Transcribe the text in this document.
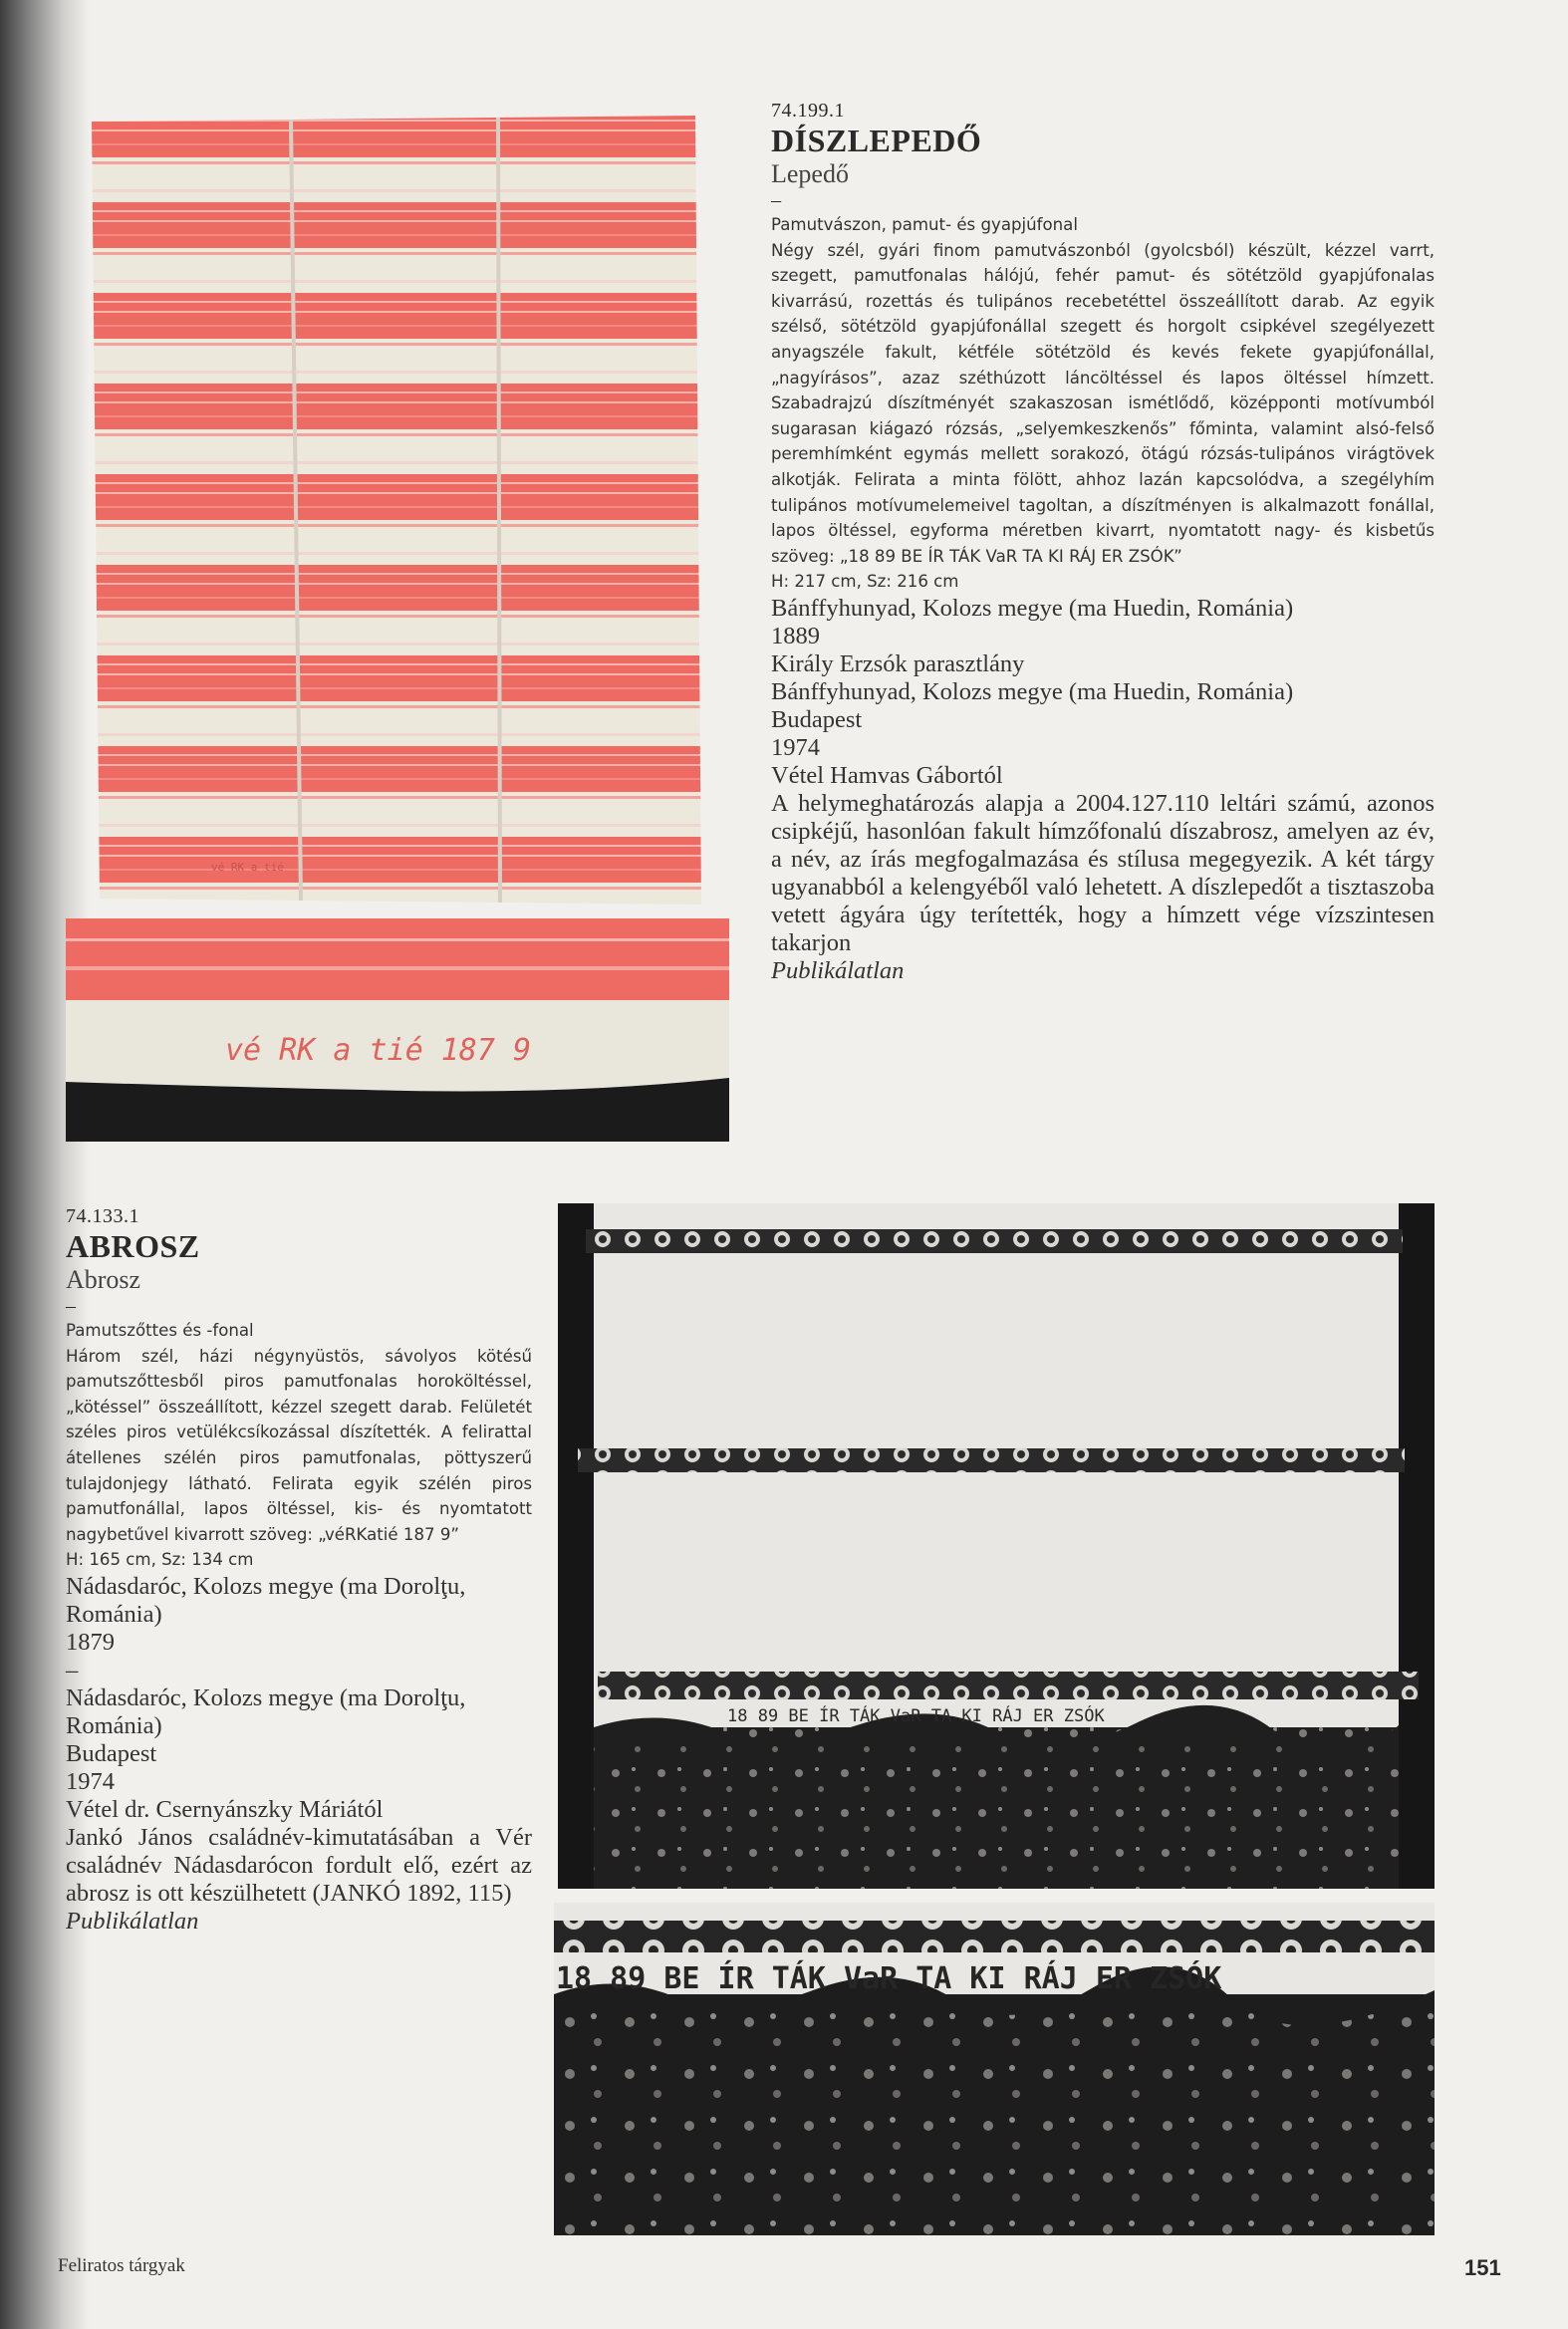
vé RK a tié
vé RK a tié 187 9
18 89 BE ÍR TÁK VaR TA KI RÁJ ER ZSÓK
18 89 BE ÍR TÁK VaR TA KI RÁJ ER ZSÓK
74.199.1
DÍSZLEPEDŐ
Lepedő
–
Pamutvászon, pamut- és gyapjúfonal
Négy szél, gyári finom pamutvászonból (gyolcsból) készült, kézzel varrt, szegett, pamutfonalas hálójú, fehér pamut- és sötétzöld gyapjúfonalas kivarrású, rozettás és tulipános recebetéttel összeállított darab. Az egyik szélső, sötétzöld gyapjúfonállal szegett és horgolt csipkével szegélyezett anyagszéle fakult, kétféle sötétzöld és kevés fekete gyapjúfonállal, „nagyírásos”, azaz széthúzott láncöltéssel és lapos öltéssel hímzett. Szabadrajzú díszítményét szakaszosan ismétlődő, középponti motívumból sugarasan kiágazó rózsás, „selyemkeszkenős” főminta, valamint alsó-felső peremhímként egymás mellett sorakozó, ötágú rózsás-tulipános virágtövek alkotják. Felirata a minta fölött, ahhoz lazán kapcsolódva, a szegélyhím tulipános motívumelemeivel tagoltan, a díszítményen is alkalmazott fonállal, lapos öltéssel, egyforma méretben kivarrt, nyomtatott nagy- és kisbetűs szöveg: „18 89 BE ÍR TÁK VaR TA KI RÁJ ER ZSÓK”
H: 217 cm, Sz: 216 cm
Bánffyhunyad, Kolozs megye (ma Huedin, Románia)
1889
Király Erzsók parasztlány
Bánffyhunyad, Kolozs megye (ma Huedin, Románia)
Budapest
1974
Vétel Hamvas Gábortól
A helymeghatározás alapja a 2004.127.110 leltári számú, azonos csipkéjű, hasonlóan fakult hímzőfonalú díszabrosz, amelyen az év, a név, az írás megfogalmazása és stílusa megegyezik. A két tárgy ugyanabból a kelengyéből való lehetett. A díszlepedőt a tisztaszoba vetett ágyára úgy terítették, hogy a hímzett vége vízszintesen takarjon
Publikálatlan
74.133.1
ABROSZ
Abrosz
–
Pamutszőttes és -fonal
Három szél, házi négynyüstös, sávolyos kötésű pamutszőttesből piros pamutfonalas horoköltéssel, „kötéssel” összeállított, kézzel szegett darab. Felületét széles piros vetülékcsíkozással díszítették. A felirattal átellenes szélén piros pamutfonalas, pöttyszerű tulajdonjegy látható. Felirata egyik szélén piros pamutfonállal, lapos öltéssel, kis- és nyomtatott nagybetűvel kivarrott szöveg: „véRKatié 187 9”
H: 165 cm, Sz: 134 cm
Nádasdaróc, Kolozs megye (ma Dorolţu,
Románia)
1879
–
Nádasdaróc, Kolozs megye (ma Dorolţu,
Románia)
Budapest
1974
Vétel dr. Csernyánszky Máriától
Jankó János családnév-kimutatásában a Vér családnév Nádasdarócon fordult elő, ezért az abrosz is ott készülhetett (JANKÓ 1892, 115)
Publikálatlan
Feliratos tárgyak	151
